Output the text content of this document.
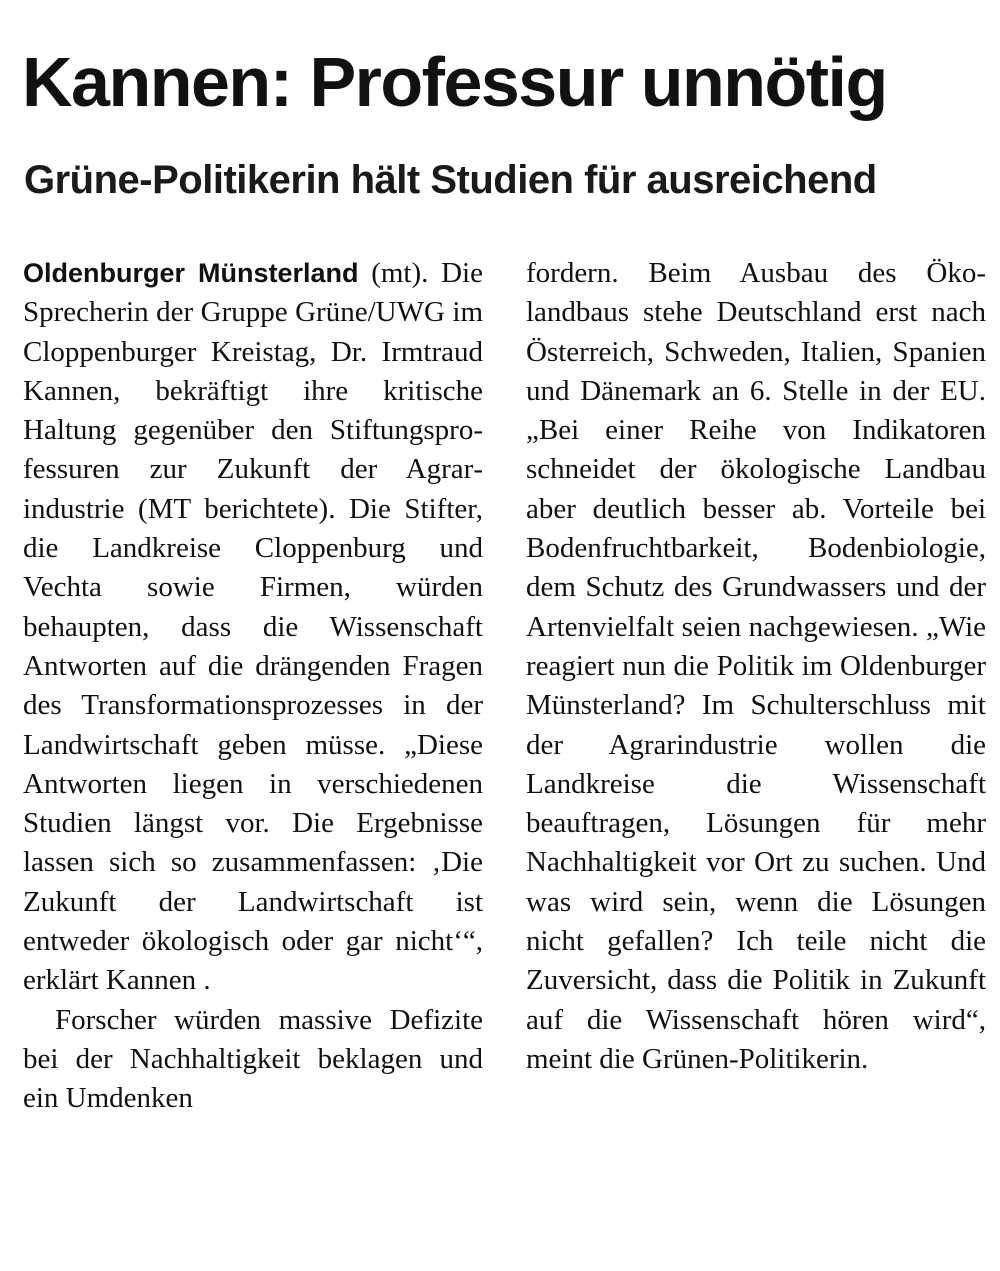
Kannen: Professur unnötig
Grüne-Politikerin hält Studien für ausreichend

Oldenburger Münsterland (mt). Die Sprecherin der Gruppe Grüne/UWG im Cloppenburger Kreistag, Dr. Irmtraud Kannen, bekräftigt ihre kritische Haltung gegenüber den Stiftungsprofessuren zur Zukunft der Agrarindustrie (MT berichtete). Die Stifter, die Landkreise Cloppenburg und Vechta sowie Firmen, würden behaupten, dass die Wissenschaft Antworten auf die drängenden Fragen des Transformationsprozesses in der Landwirtschaft geben müsse. „Diese Antworten liegen in verschiedenen Studien längst vor. Die Ergebnisse lassen sich so zusammenfassen: ‚Die Zukunft der Landwirtschaft ist entweder ökologisch oder gar nicht‘“, erklärt Kannen .

Forscher würden massive Defizite bei der Nachhaltigkeit beklagen und ein Umdenken

fordern. Beim Ausbau des Ökolandbaus stehe Deutschland erst nach Österreich, Schweden, Italien, Spanien und Dänemark an 6. Stelle in der EU. „Bei einer Reihe von Indikatoren schneidet der ökologische Landbau aber deutlich besser ab. Vorteile bei Bodenfruchtbarkeit, Bodenbiologie, dem Schutz des Grundwassers und der Artenvielfalt seien nachgewiesen. „Wie reagiert nun die Politik im Oldenburger Münsterland? Im Schulterschluss mit der Agrarindustrie wollen die Landkreise die Wissenschaft beauftragen, Lösungen für mehr Nachhaltigkeit vor Ort zu suchen. Und was wird sein, wenn die Lösungen nicht gefallen? Ich teile nicht die Zuversicht, dass die Politik in Zukunft auf die Wissenschaft hören wird“, meint die Grünen-Politikerin.
